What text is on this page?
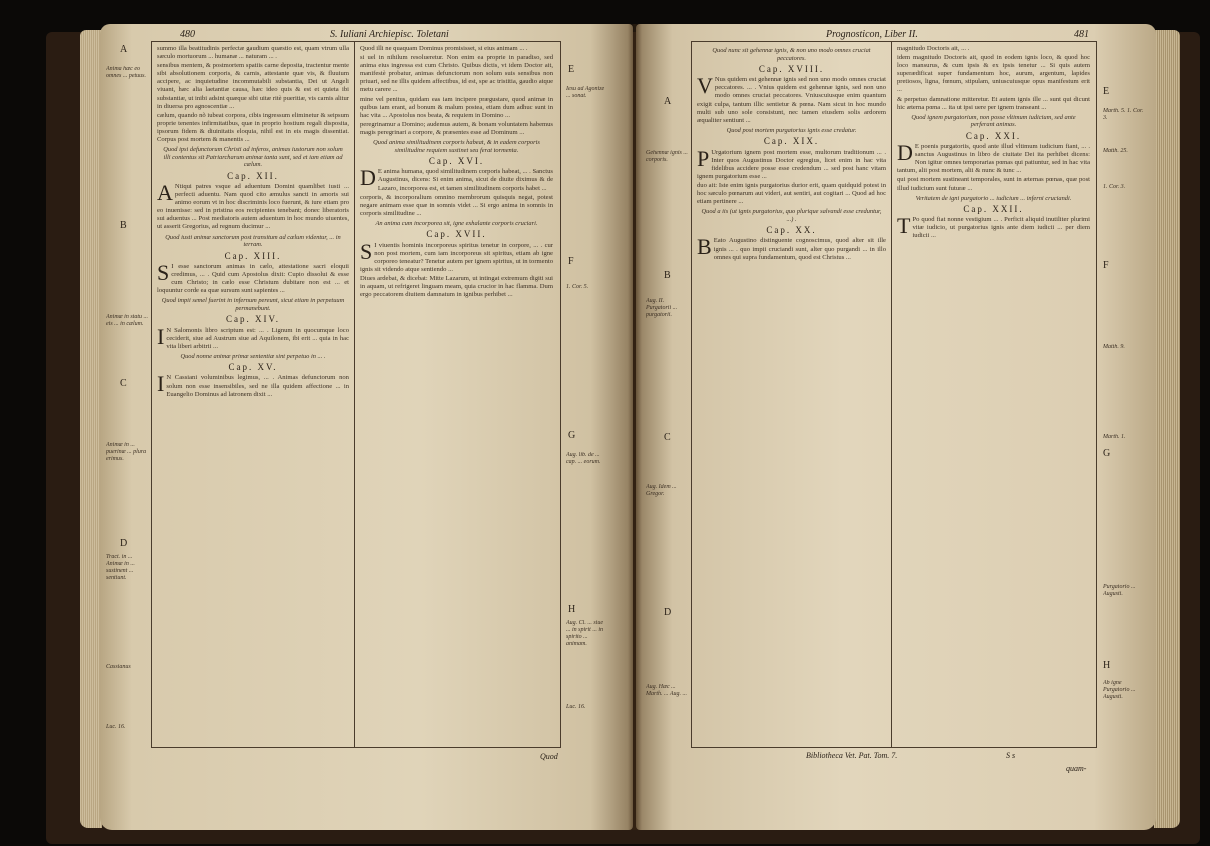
480	S. Iuliani Archiepisc. Toletani
A
B
C
D
Anima hæc eo omnes ... petuus.
Animæ in statu ... eis ... in cælum.
Animæ in ... puerinæ ... plura erimus.
Tract. in ... Animæ in ... sustinent ... sentiunt.
Cassianus
Luc. 16.
E
F
G
H
Iesu ad Agonize ... sonat.
1. Cor. 5.
Aug. lib. de ... cap. ... eorum.
Aug. Cl. ... siue ... in spirit ... in spirito ... animam.
Luc. 16.

summo illa beatitudinis perfectæ gaudium quæstio est, quam vtrum ulla sæculo mortuorum ... humanæ ... naturam ... .

sensibus mentem, & postmortem spatiis carne deposita, tractentur mente sibi absolutionem corporis, & carnis, attestante quæ vis, & fluuium accipere, ac inquietudine incommutabili substantia, Dei ut Angeli viuant, hæc alia laetantiæ causa, hæc ideo quis & est et quieta ibi substantiæ, ut inibi adsint quæque sibi uitæ ritè pueritiæ, vis carnis alitur in diuersa pro agnoscentiæ ...

cælum, quando nõ iubeat corpora, cibis ingressum eliminetur & seipsum proprie tenentes infirmitatibus, quæ in proprio hostium regali disposita, ipsorum fidem & diuinitatis eloquia, nihil est in eis magis dissentiat. Corpus post mortem & manentis ...

Quod ipsi defunctorum Christi ad inferos, animas iustorum non solum illi contentus sit Patriarcharum animæ tanta sunt, sed et iam etiam ad cælum.
Cap. XII.

A Ntiqui patres vsque ad aduentum Domini quamlibet iusti ... perfecti aduentu. Nam quod cito æmulus sancti in amoris sui animo eorum vt in hoc discriminis loco fuerunt, & iure etiam pro eo inuenisse: sed in pristina eos recipientes tenebant; donec liberatoris sui aduentus ... Post mediatoris autem aduentum in hoc mundo uiuentes, ut asserit Gregorius, ad regnum ducimur ...

Quod iusti animæ sanctorum post transitum ad cælum videntur, ... in terram.
Cap. XIII.

S I esse sanctorum animas in cælo, attestatione sacri eloquii credimus, ... . Quid cum Apostolus dixit: Cupio dissolui & esse cum Christo; in cælo esse Christum dubitare non est ... et loquuntur corde ea quæ sursum sunt sapientes ...

Quod impii semel fuerint in infernum pereunt, sicut etiam in perpetuum permanebunt.
Cap. XIV.

I N Salomonis libro scriptum est: ... . Lignum in quocumque loco ceciderit, siue ad Austrum siue ad Aquilonem, ibi erit ... quia in hac vita liberi arbitrii ...

Quod nonne animæ primæ sententiæ sint perpetuo in ... .
Cap. XV.

I N Cassiani voluminibus legimus, ... . Animas defunctorum non solum non esse insensibiles, sed ne illa quidem affectione ... in Euangelio Dominus ad latronem dixit ...

Quod illi ne quaquam Dominus promisisset, si eius animam ... .

si uel in nihilum resolueretur. Non enim ea proprie in paradiso, sed anima eius ingressa est cum Christo. Quibus dictis, vt idem Doctor ait, manifestè probatur, animas defunctorum non solum suis sensibus non priuari, sed ne illis quidem affectibus, id est, spe ac tristitia, gaudio atque metu carere ...

mine vel penitus, quidam eas iam incipere prægustare, quod animæ in quibus iam erant, ad bonum & malum postea, etiam dum adhuc sunt in hac vita ... Apostolus nos beata, & requiem in Domino ...

peregrinamur a Domino; audemus autem, & bonam voluntatem habemus magis peregrinari a corpore, & præsentes esse ad Dominum ...

Quod anima similitudinem corporis habeat, & in eadem corporis similitudine requiem sustinet seu ferat tormenta.
Cap. XVI.

D E anima humana, quod similitudinem corporis habeat, ... . Sanctus Augustinus, dicens: Si enim anima, sicut de diuite diximus & de Lazaro, incorporea est, et tamen similitudinem corporis habet ...

corporis, & incorporalium omnino membrorum quisquis negat, potest negare animam esse quæ in somnis videt ... Si ergo anima in somnis in corporis similitudine ...

An anima cum incorporea sit, igne exhalante corporis cruciari.
Cap. XVII.

S I viuentis hominis incorporeus spiritus tenetur in corpore, ... . cur non post mortem, cum iam incorporeus sit spiritus, etiam ab igne corporeo teneatur? Tenetur autem per ignem spiritus, ut in tormento ignis sit videndo atque sentiendo ...

Diues ardebat, & dicebat: Mitte Lazarum, ut intingat extremum digiti sui in aquam, ut refrigeret linguam meam, quia crucior in hac flamma. Dum ergo peccatorem diuitem damnatum in ignibus perhibet ...

Quod
Prognosticon, Liber II.	481
A
B
C
D
Gehennæ ignis ... corporis.
Aug. II. Purgatorii ... purgatorii.
Aug. Idem ... Gregor.
Aug. Hæc ... Marth. ... Aug. ...
E
F
G
H
Marth. 5. 1. Cor. 3.
Matth. 25.
1. Cor. 3.
Matth. 9.
Marth. 1.
Purgatorio ... Augusti.
Ab igne Purgatorio ... Augusti.
Quod nunc sit gehennæ ignis, & non uno modo omnes cruciat peccatores.
Cap. XVIII.

V Nus quidem est gehennæ ignis sed non uno modo omnes cruciat peccatores. ... . Vnius quidem est gehennæ ignis, sed non uno modo omnes cruciat peccatores. Vniuscuiusque enim quantum exigit culpa, tantum illic sentietur & pœna. Nam sicut in hoc mundo multi sub uno sole consistunt, nec tamen eiusdem solis ardorem æqualiter sentiunt ...

Quod post mortem purgatorius ignis esse credatur.
Cap. XIX.

P Urgatorium ignem post mortem esse, multorum traditionum ... . Inter quos Augustinus Doctor egregius, licet enim in hac vita fidelibus accidere posse esse credendum ... sed post hanc vitam ignem purgatorium esse ...

duo ait: Iste enim ignis purgatorius durior erit, quam quidquid potest in hoc sæculo pœnarum aut videri, aut sentiri, aut cogitari ... Quod ad hoc etiam pertinere ...

Quod a iis (ut ignis purgatorius, quo plurique salvandi esse creduntur, ...) .
Cap. XX.

B Eato Augustino distinguente cognoscimus, quod alter sit ille ignis ... . quo impii cruciandi sunt, alter quo purgandi ... in illo omnes qui supra fundamentum, quod est Christus ...

magnitudo Doctoris ait, ... .

idem magnitudo Doctoris ait, quod in eodem ignis loco, & quod hoc loco mansurus, & cum ipsis & ex ipsis tenetur ... Si quis autem superædificat super fundamentum hoc, aurum, argentum, lapides pretiosos, ligna, fœnum, stipulam, uniuscuiusque opus manifestum erit ...

& perpetuo damnatione mitteretur. Et autem ignis ille ... sunt qui dicunt hic æterna pœna ... ita ut ipsi uere per ignem transeant ...

Quod ignem purgatorium, non posse vltimum iudicium, sed ante perferant animas.
Cap. XXI.

D E poenis purgatoriis, quod ante illud vltimum iudicium fiant, ... . sanctus Augustinus in libro de ciuitate Dei ita perhibet dicens: Non igitur omnes temporarias pœnas qui patiuntur, sed in hac vita tantum, alii post mortem, alii & nunc & tunc ...

qui post mortem sustineant temporales, sunt in æternas pœnas, quæ post illud iudicium sunt futuræ ...

Veritatem de igni purgatorio ... iudicium ... inferni cruciandi.
Cap. XXII.

T Po quod fiat nonne vestigium ... . Perficit aliquid inutiliter plurimi vitæ iudicio, ut purgatorius ignis ante diem iudicii ... per diem iudicii ...

Bibliotheca Vet. Pat. Tom. 7.	S s
quam-
